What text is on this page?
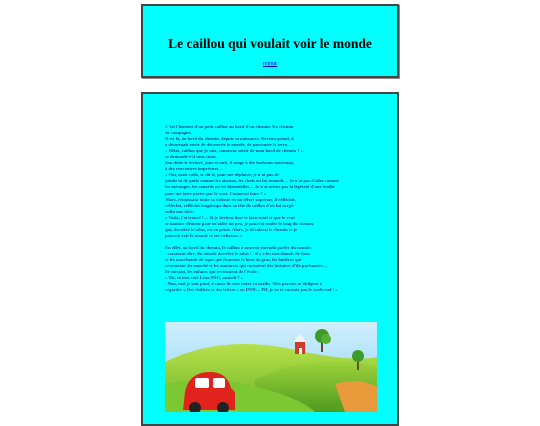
Le caillou qui voulait voir le monde
retour

C'est l'histoire d'un petit caillou au bord d'un chemin. Un chemin

de campagne.

Il est là, au bord du chemin, depuis sa naissance. Devenu grand, il

a désormais envie de découvrir le monde, de parcourir la terre…

« Hélas, caillou que je suis, comment sortir de mon bord de chemin ? »

se demande-t-il sans cesse.

Son désir le torture, jour et nuit, il songe à des horizons nouveaux,

à des rencontres imprévues…

« Oui, mais voilà, se dit-il, pour me déplacer, je n'ai pas de

jambe ni de patte comme les oiseaux, les chats ou les renards… Je n'ai pas d'ailes comme

les mésanges, les canards ou les hirondelles… Je n'ai même pas la légèreté d'une feuille

pour me faire porter par le vent. Comment faire ? »

Alors, réunissant toute sa volonté en un effort suprême, il réfléchit,

réfléchit, réfléchit longtemps dans sa tête de caillou d'où lui surgit

enfin une idée:

« Voilà, j'ai trouvé !… Si je deviens lisse et bien rond et que le vent

se montre clément pour m'aider un peu, je pourrai rouler le long du chemin,

qui, derrière le talus, est en pente. Alors, je dévalerai le chemin et je

pourrai voir le monde et ses richesses. »

En effet, au bord du chemin, le caillou a souvent entendu parler du monde:

- comment dire, du monde derrière le talus ! - il y a les marchands de tissu

et les marchands de tapis qui étonnent le bout de gras, les laitières qui

reviennent du marché et les annonces qui racontent des histoires d'ilo parfumées…

Et surtout, les enfants qui reviennent de l'école :

« Toi, tu iras voir Lena-PSG, samedi ? »

- Non, moi je suis puni, à cause de mes notes en maths. Mes parents m'obligent à

regarder « Des chiffres et des lettres » en DVD… Pff, je ne te raconte pas le week-end ! »
